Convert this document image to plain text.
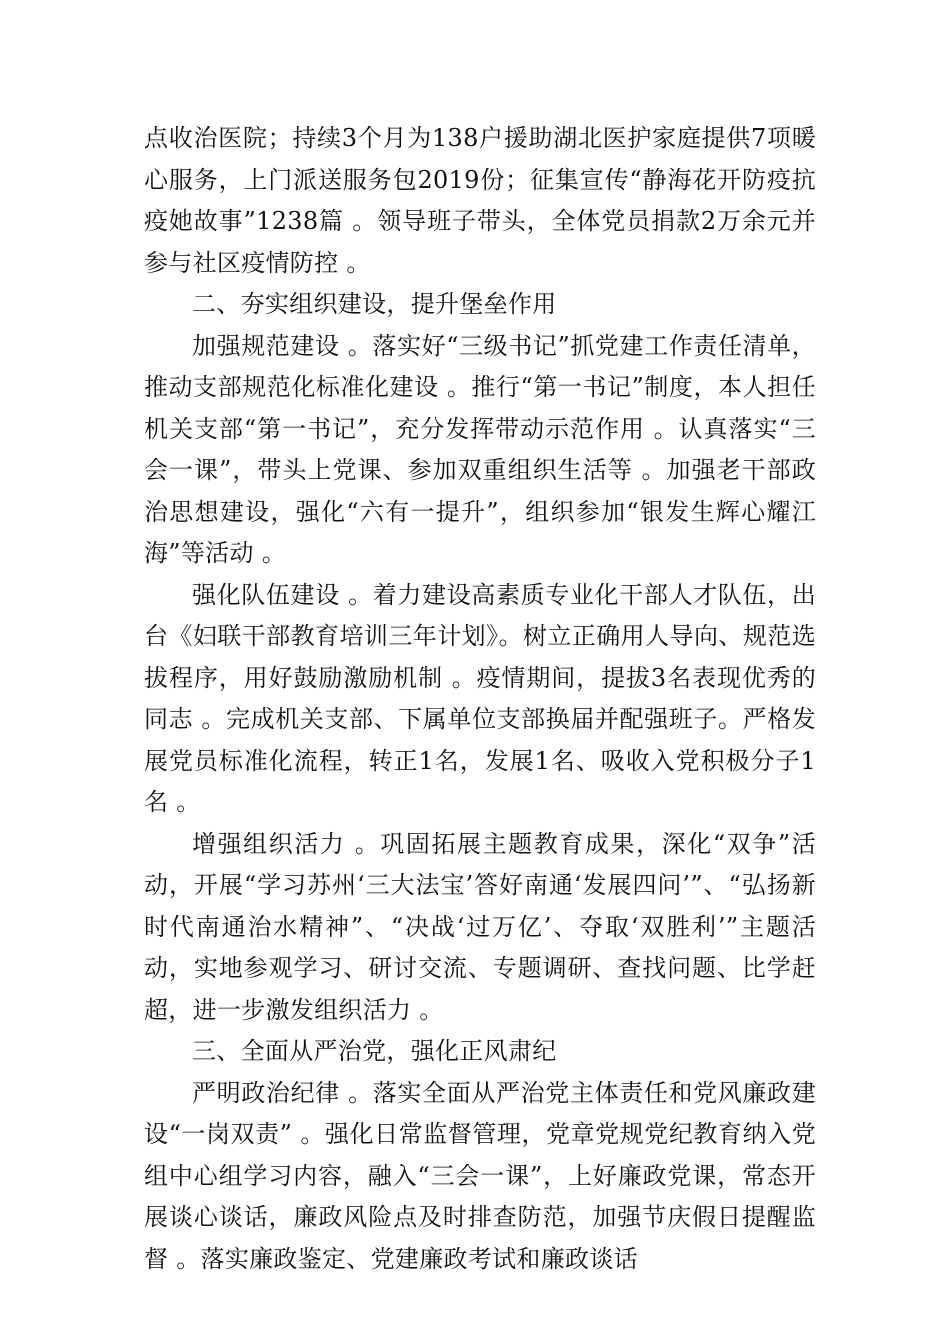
点收治医院；持续3个月为138户援助湖北医护家庭提供7项暖心服务，上门派送服务包2019份；征集宣传“静海花开防疫抗疫她故事”1238篇 。领导班子带头，全体党员捐款2万余元并参与社区疫情防控 。

二、夯实组织建设，提升堡垒作用

加强规范建设 。落实好“三级书记”抓党建工作责任清单，推动支部规范化标准化建设 。推行“第一书记”制度，本人担任机关支部“第一书记”，充分发挥带动示范作用 。认真落实“三会一课”，带头上党课、参加双重组织生活等 。加强老干部政治思想建设，强化“六有一提升”，组织参加“银发生辉心耀江海”等活动 。

强化队伍建设 。着力建设高素质专业化干部人才队伍，出台《妇联干部教育培训三年计划》。树立正确用人导向、规范选拔程序，用好鼓励激励机制 。疫情期间，提拔3名表现优秀的同志 。完成机关支部、下属单位支部换届并配强班子。严格发展党员标准化流程，转正1名，发展1名、吸收入党积极分子1名 。

增强组织活力 。巩固拓展主题教育成果，深化“双争”活动，开展“学习苏州‘三大法宝’答好南通‘发展四问’”、“弘扬新时代南通治水精神”、“决战‘过万亿’、夺取‘双胜利’”主题活动，实地参观学习、研讨交流、专题调研、查找问题、比学赶超，进一步激发组织活力 。

三、全面从严治党，强化正风肃纪

严明政治纪律 。落实全面从严治党主体责任和党风廉政建设“一岗双责” 。强化日常监督管理，党章党规党纪教育纳入党组中心组学习内容，融入“三会一课”，上好廉政党课，常态开展谈心谈话，廉政风险点及时排查防范，加强节庆假日提醒监督 。落实廉政鉴定、党建廉政考试和廉政谈话
